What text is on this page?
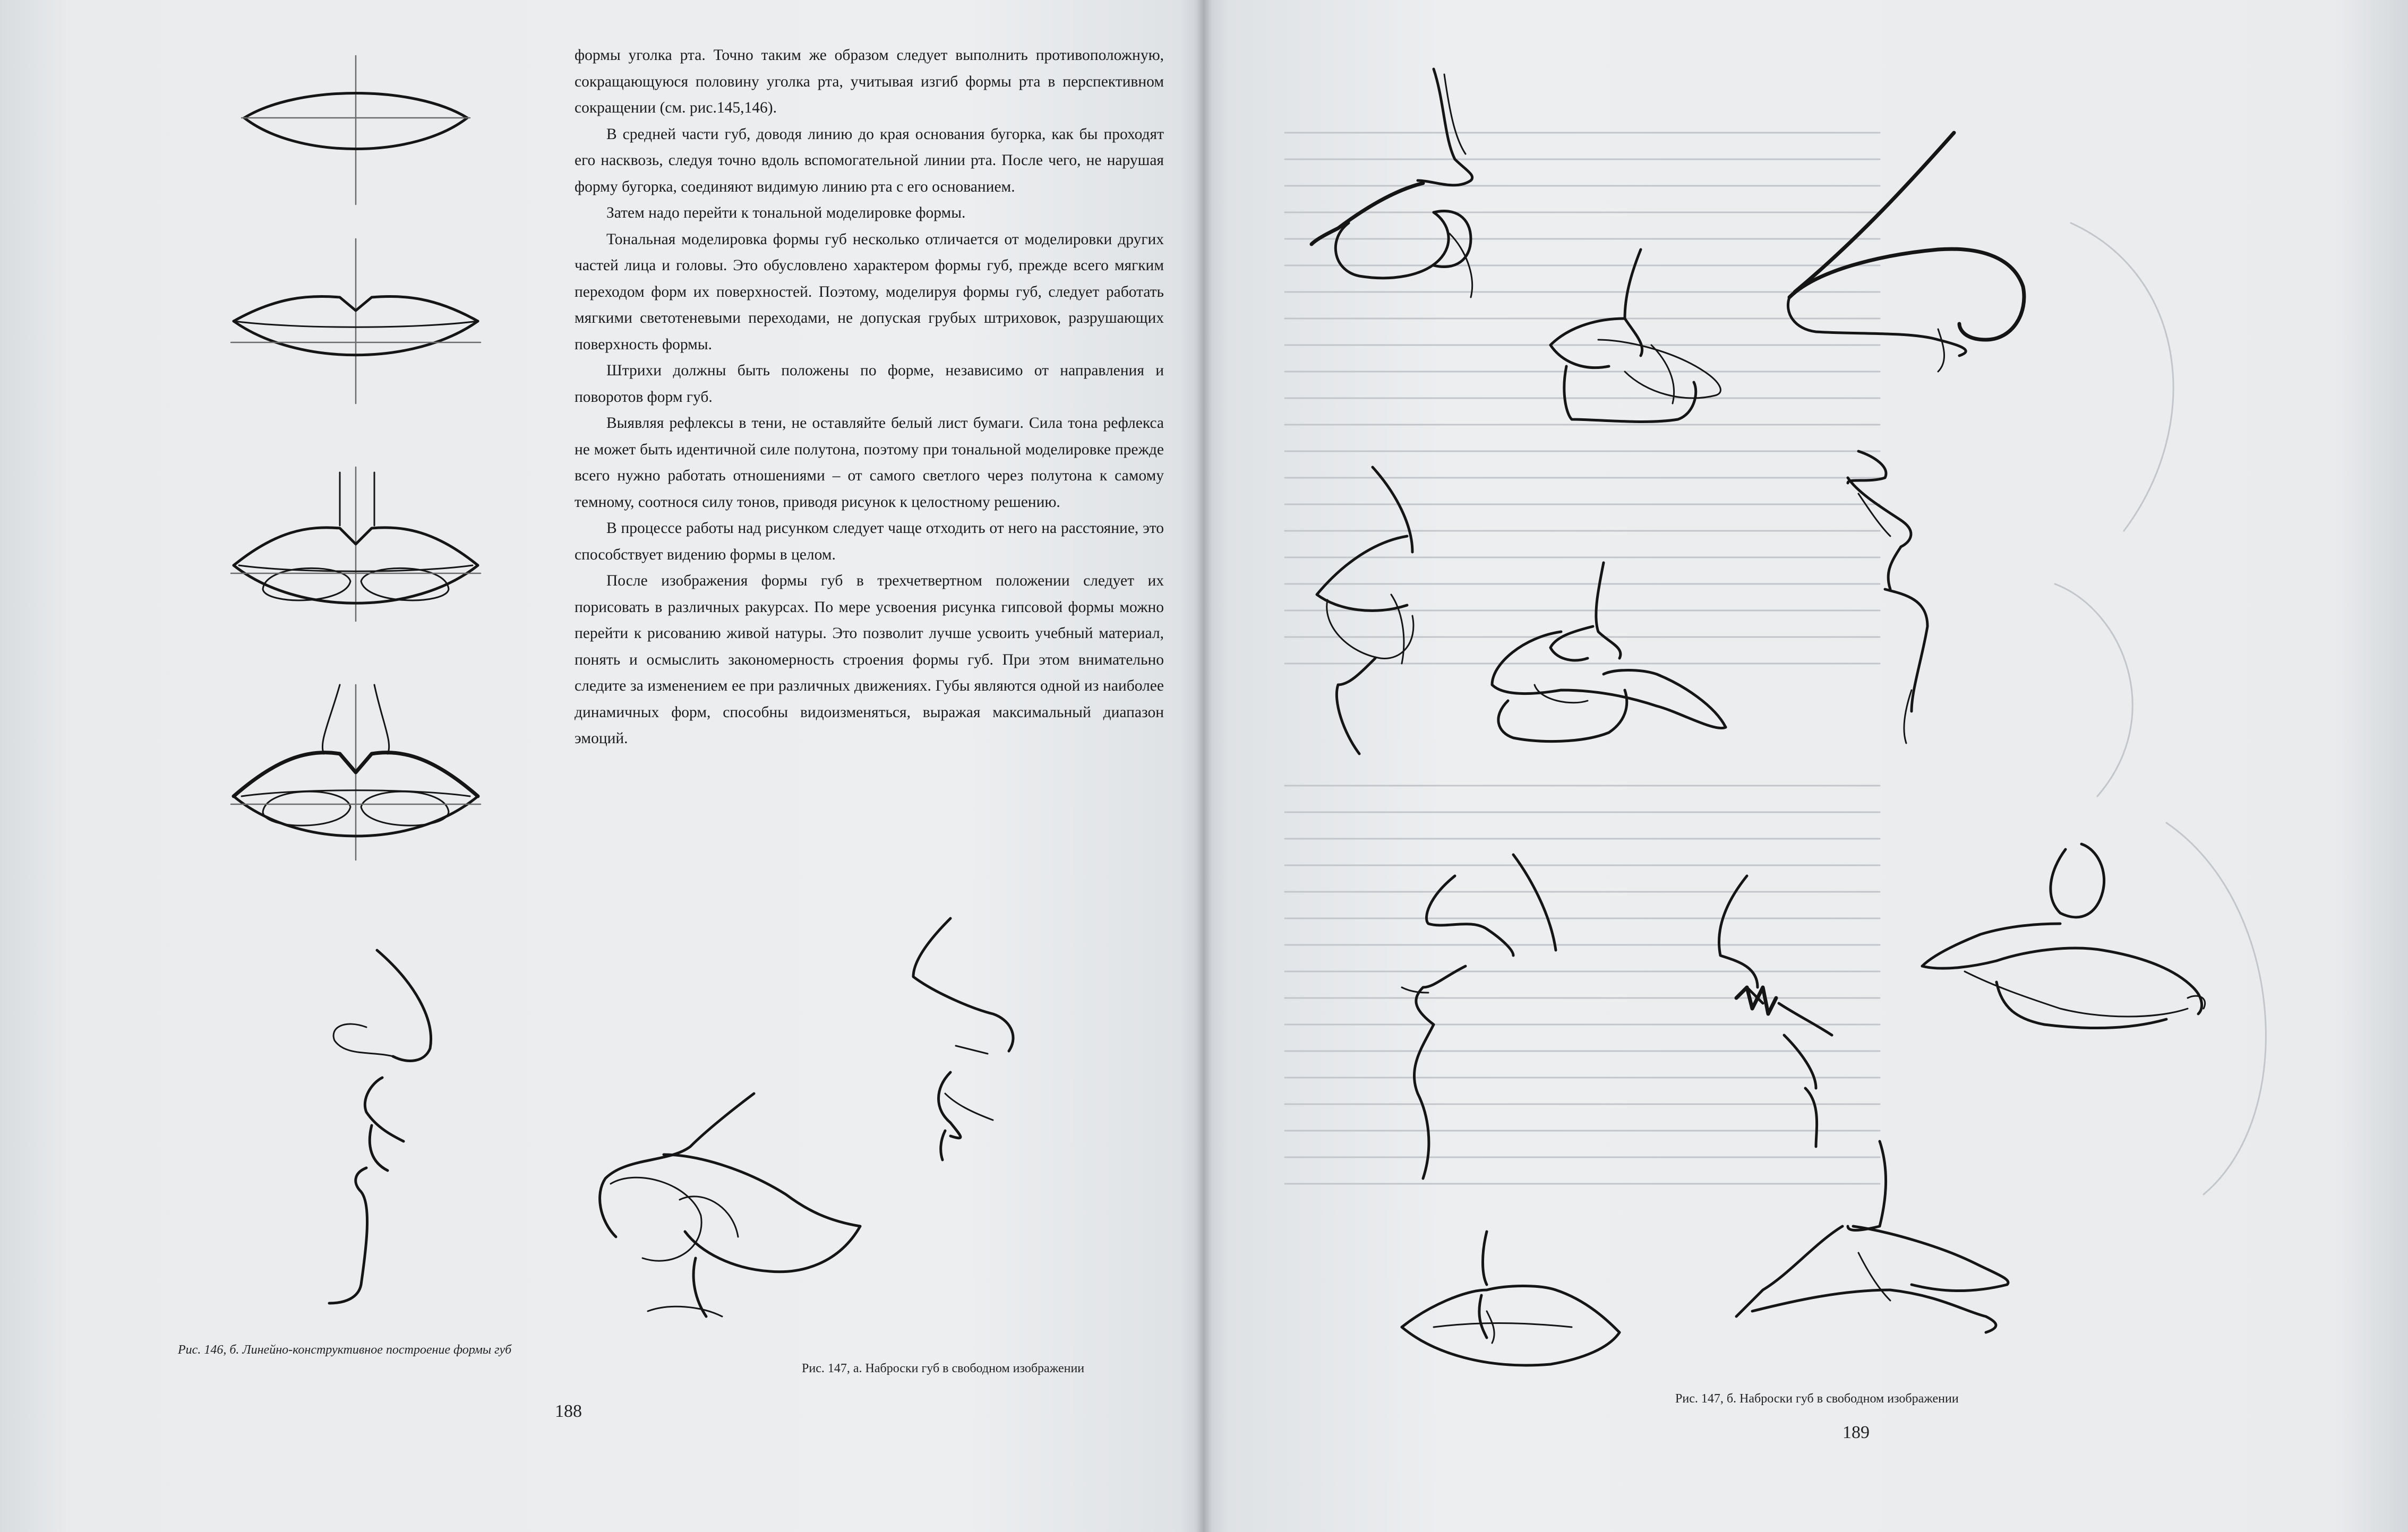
формы уголка рта. Точно таким же образом следует выполнить противоположную, сокращающуюся половину уголка рта, учитывая изгиб формы рта в перспективном сокращении (см. рис.145,146).

В средней части губ, доводя линию до края основания бугорка, как бы проходят его насквозь, следуя точно вдоль вспомогательной линии рта. После чего, не нарушая форму бугорка, соединяют видимую линию рта с его основанием.

Затем надо перейти к тональной моделировке формы.

Тональная моделировка формы губ несколько отличается от моделировки других частей лица и головы. Это обусловлено характером формы губ, прежде всего мягким переходом форм их поверхностей. Поэтому, моделируя формы губ, следует работать мягкими светотеневыми переходами, не допуская грубых штриховок, разрушающих поверхность формы.

Штрихи должны быть положены по форме, независимо от направления и поворотов форм губ.

Выявляя рефлексы в тени, не оставляйте белый лист бумаги. Сила тона рефлекса не может быть идентичной силе полутона, поэтому при тональной моделировке прежде всего нужно работать отношениями – от самого светлого через полутона к самому темному, соотнося силу тонов, приводя рисунок к целостному решению.

В процессе работы над рисунком следует чаще отходить от него на расстояние, это способствует видению формы в целом.

После изображения формы губ в трехчетвертном положении следует их порисовать в различных ракурсах. По мере усвоения рисунка гипсовой формы можно перейти к рисованию живой натуры. Это позволит лучше усвоить учебный материал, понять и осмыслить закономерность строения формы губ. При этом внимательно следите за изменением ее при различных движениях. Губы являются одной из наиболее динамичных форм, способны видоизменяться, выражая максимальный диапазон эмоций.

Рис. 146, б. Линейно-конструктивное построение формы губ
Рис. 147, а. Наброски губ в свободном изображении
Рис. 147, б. Наброски губ в свободном изображении
188
189
